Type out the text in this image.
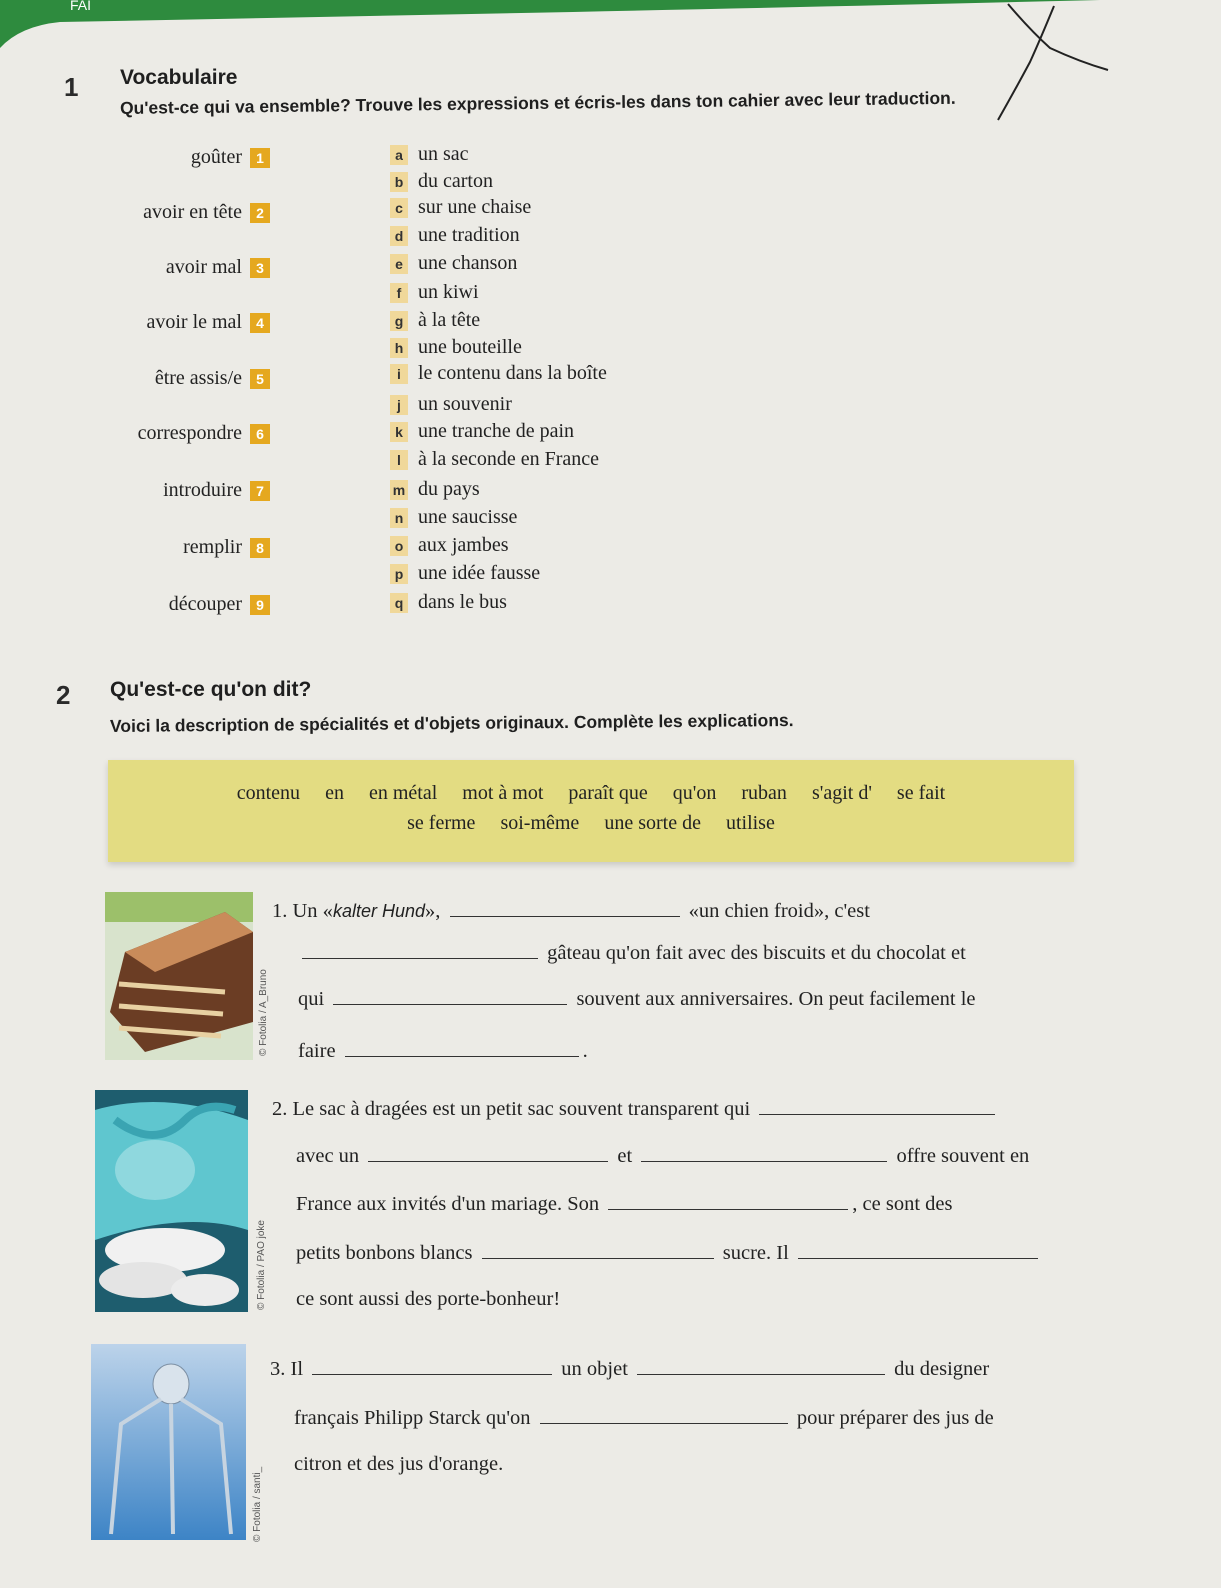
FAI
1 Vocabulaire
Qu'est-ce qui va ensemble? Trouve les expressions et écris-les dans ton cahier avec leur traduction.
goûter	1
avoir en tête	2
avoir mal	3
avoir le mal	4
être assis/e	5
correspondre	6
introduire	7
remplir	8
découper	9
a un sac
b du carton
c sur une chaise
d une tradition
e une chanson
f un kiwi
g à la tête
h une bouteille
i le contenu dans la boîte
j un souvenir
k une tranche de pain
l à la seconde en France
m du pays
n une saucisse
o aux jambes
p une idée fausse
q dans le bus
2 Qu'est-ce qu'on dit?
Voici la description de spécialités et d'objets originaux. Complète les explications.
contenu en en métal mot à mot paraît que qu'on ruban s'agit d' se fait
se ferme soi-même une sorte de utilise
© Fotolia / A_Bruno
1. Un «kalter Hund»,	«un chien froid», c'est
gâteau qu'on fait avec des biscuits et du chocolat et
qui	souvent aux anniversaires. On peut facilement le
faire	.
© Fotolia / PAO joke
2. Le sac à dragées est un petit sac souvent transparent qui
avec un	et	offre souvent en
France aux invités d'un mariage. Son	, ce sont des
petits bonbons blancs	sucre. Il
ce sont aussi des porte-bonheur!
© Fotolia / santi_
3. Il	un objet	du designer
français Philipp Starck qu'on	pour préparer des jus de
citron et des jus d'orange.
